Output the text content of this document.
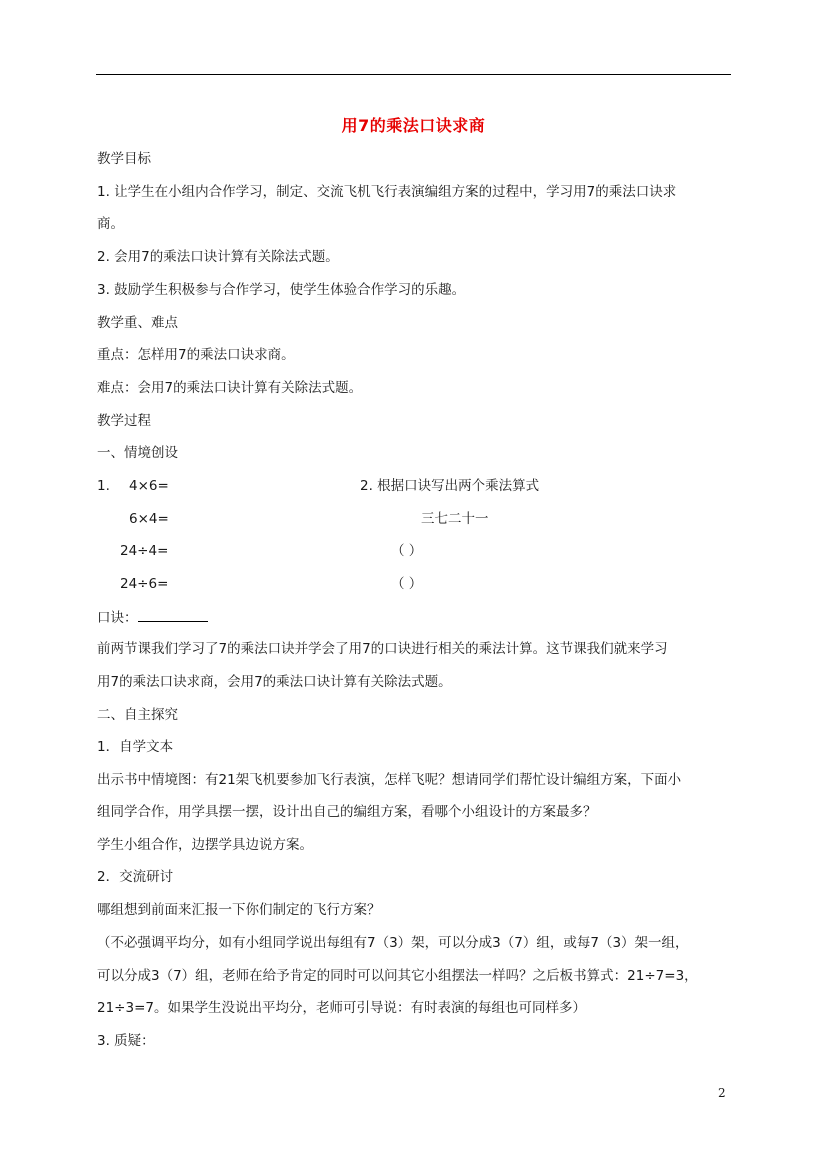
用7的乘法口诀求商
教学目标
1. 让学生在小组内合作学习，制定、交流飞机飞行表演编组方案的过程中，学习用7的乘法口诀求
商。
2. 会用7的乘法口诀计算有关除法式题。
3. 鼓励学生积极参与合作学习，使学生体验合作学习的乐趣。
教学重、难点
重点：怎样用7的乘法口诀求商。
难点：会用7的乘法口诀计算有关除法式题。
教学过程
一、情境创设
1. 4×6=
6×4=
24÷4=
24÷6=
2. 根据口诀写出两个乘法算式
三七二十一
（ ）
（ ）
口诀：
前两节课我们学习了7的乘法口诀并学会了用7的口诀进行相关的乘法计算。这节课我们就来学习
用7的乘法口诀求商，会用7的乘法口诀计算有关除法式题。
二、自主探究
1．自学文本
出示书中情境图：有21架飞机要参加飞行表演，怎样飞呢？想请同学们帮忙设计编组方案，下面小
组同学合作，用学具摆一摆，设计出自己的编组方案，看哪个小组设计的方案最多？
学生小组合作，边摆学具边说方案。
2．交流研讨
哪组想到前面来汇报一下你们制定的飞行方案？
（不必强调平均分，如有小组同学说出每组有7（3）架，可以分成3（7）组，或每7（3）架一组，
可以分成3（7）组，老师在给予肯定的同时可以问其它小组摆法一样吗？之后板书算式：21÷7=3，
21÷3=7。如果学生没说出平均分，老师可引导说：有时表演的每组也可同样多）
3. 质疑：
2
